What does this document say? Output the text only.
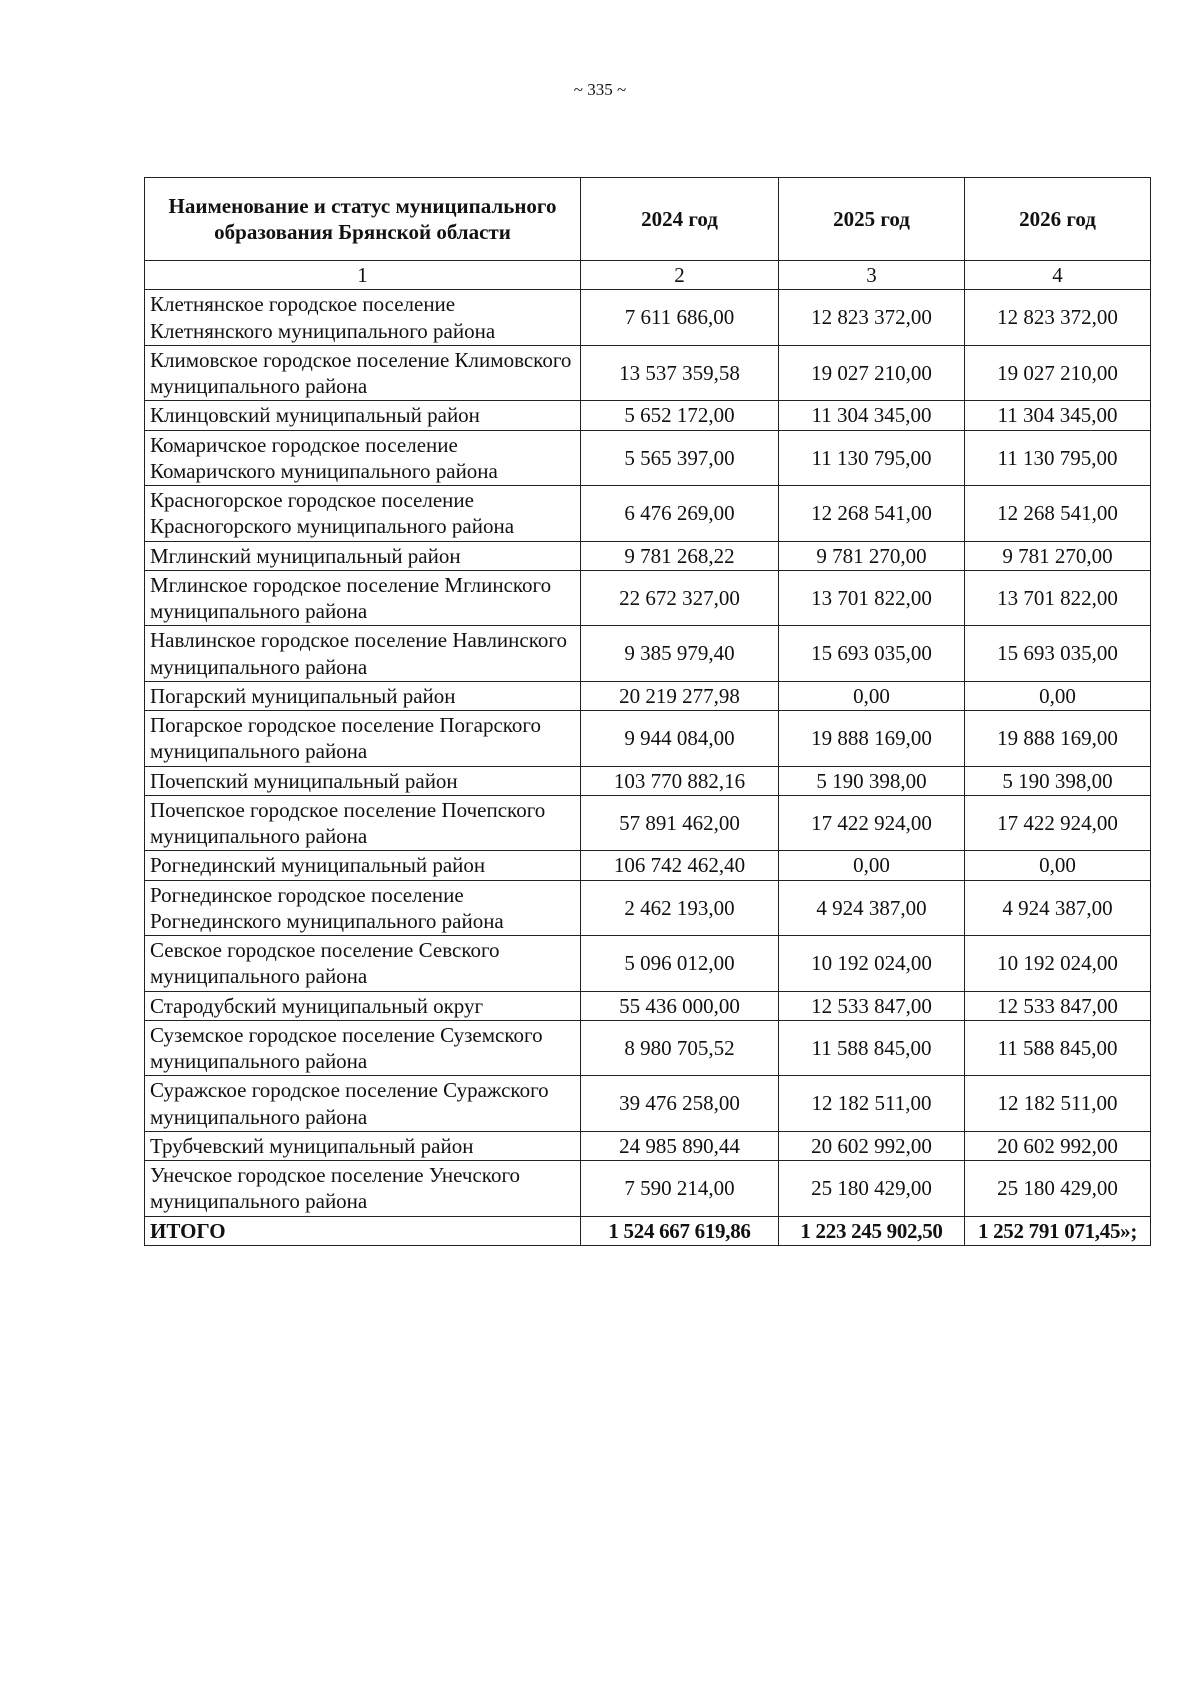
~ 335 ~
Наименование и статус муниципального образования Брянской области	2024 год	2025 год	2026 год
1	2	3	4
Клетнянское городское поселение Клетнянского муниципального района	7 611 686,00	12 823 372,00	12 823 372,00
Климовское городское поселение Климовского муниципального района	13 537 359,58	19 027 210,00	19 027 210,00
Клинцовский муниципальный район	5 652 172,00	11 304 345,00	11 304 345,00
Комаричское городское поселение Комаричского муниципального района	5 565 397,00	11 130 795,00	11 130 795,00
Красногорское городское поселение Красногорского муниципального района	6 476 269,00	12 268 541,00	12 268 541,00
Мглинский муниципальный район	9 781 268,22	9 781 270,00	9 781 270,00
Мглинское городское поселение Мглинского муниципального района	22 672 327,00	13 701 822,00	13 701 822,00
Навлинское городское поселение Навлинского муниципального района	9 385 979,40	15 693 035,00	15 693 035,00
Погарский муниципальный район	20 219 277,98	0,00	0,00
Погарское городское поселение Погарского муниципального района	9 944 084,00	19 888 169,00	19 888 169,00
Почепский муниципальный район	103 770 882,16	5 190 398,00	5 190 398,00
Почепское городское поселение Почепского муниципального района	57 891 462,00	17 422 924,00	17 422 924,00
Рогнединский муниципальный район	106 742 462,40	0,00	0,00
Рогнединское городское поселение Рогнединского муниципального района	2 462 193,00	4 924 387,00	4 924 387,00
Севское городское поселение Севского муниципального района	5 096 012,00	10 192 024,00	10 192 024,00
Стародубский муниципальный округ	55 436 000,00	12 533 847,00	12 533 847,00
Суземское городское поселение Суземского муниципального района	8 980 705,52	11 588 845,00	11 588 845,00
Суражское городское поселение Суражского муниципального района	39 476 258,00	12 182 511,00	12 182 511,00
Трубчевский муниципальный район	24 985 890,44	20 602 992,00	20 602 992,00
Унечское городское поселение Унечского муниципального района	7 590 214,00	25 180 429,00	25 180 429,00
ИТОГО	1 524 667 619,86	1 223 245 902,50	1 252 791 071,45»;
